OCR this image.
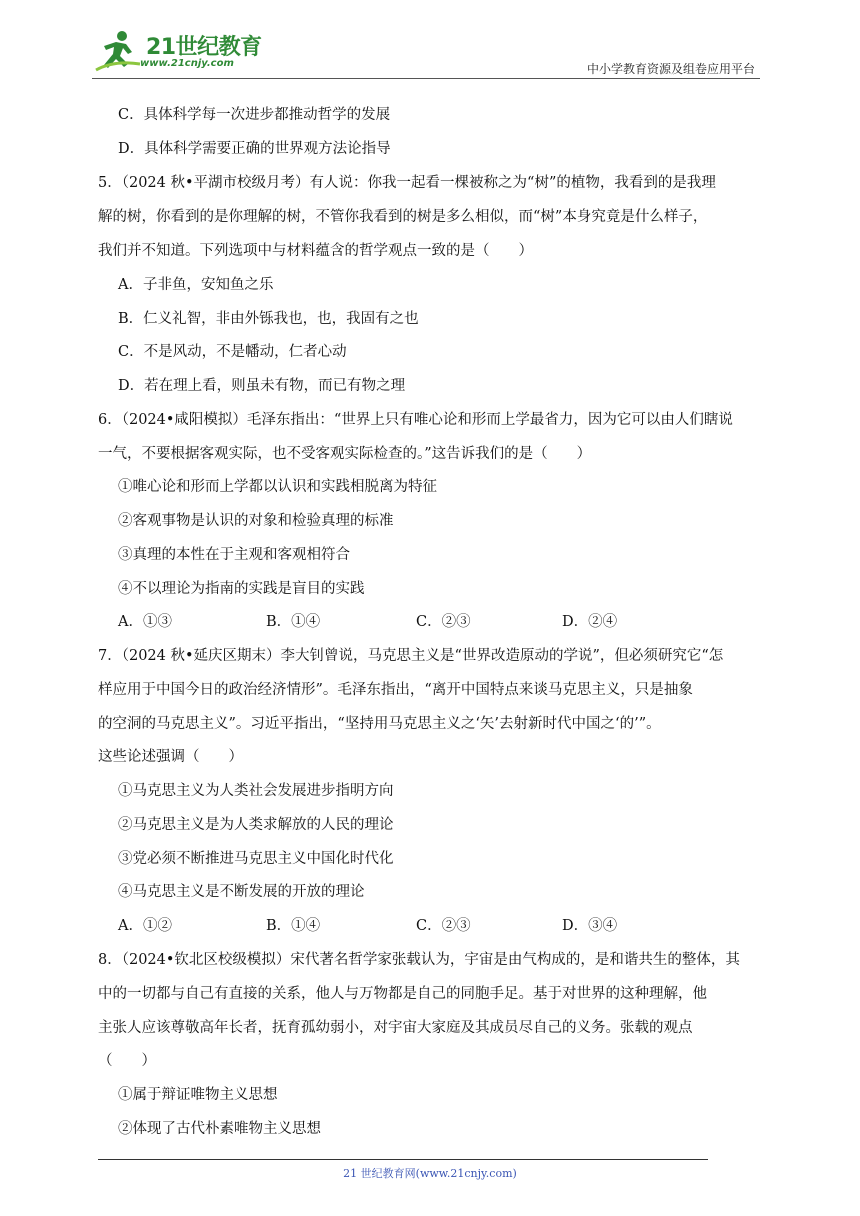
21世纪教育
www.21cnjy.com	中小学教育资源及组卷应用平台
C．具体科学每一次进步都推动哲学的发展
D．具体科学需要正确的世界观方法论指导
5．（2024 秋•平湖市校级月考）有人说：你我一起看一棵被称之为“树”的植物，我看到的是我理
解的树，你看到的是你理解的树，不管你我看到的树是多么相似，而“树”本身究竟是什么样子，
我们并不知道。下列选项中与材料蕴含的哲学观点一致的是（　　）
A．子非鱼，安知鱼之乐
B．仁义礼智，非由外铄我也，也，我固有之也
C．不是风动，不是幡动，仁者心动
D．若在理上看，则虽未有物，而已有物之理
6．（2024•咸阳模拟）毛泽东指出：“世界上只有唯心论和形而上学最省力，因为它可以由人们瞎说
一气，不要根据客观实际，也不受客观实际检查的。”这告诉我们的是（　　）
①唯心论和形而上学都以认识和实践相脱离为特征
②客观事物是认识的对象和检验真理的标准
③真理的本性在于主观和客观相符合
④不以理论为指南的实践是盲目的实践
A．①③	B．①④	C．②③	D．②④
7．（2024 秋•延庆区期末）李大钊曾说，马克思主义是“世界改造原动的学说”，但必须研究它“怎
样应用于中国今日的政治经济情形”。毛泽东指出，“离开中国特点来谈马克思主义，只是抽象
的空洞的马克思主义”。习近平指出，“坚持用马克思主义之‘矢’去射新时代中国之‘的’”。
这些论述强调（　　）
①马克思主义为人类社会发展进步指明方向
②马克思主义是为人类求解放的人民的理论
③党必须不断推进马克思主义中国化时代化
④马克思主义是不断发展的开放的理论
A．①②	B．①④	C．②③	D．③④
8．（2024•钦北区校级模拟）宋代著名哲学家张载认为，宇宙是由气构成的，是和谐共生的整体，其
中的一切都与自己有直接的关系，他人与万物都是自己的同胞手足。基于对世界的这种理解，他
主张人应该尊敬高年长者，抚育孤幼弱小，对宇宙大家庭及其成员尽自己的义务。张载的观点
（　　）
①属于辩证唯物主义思想
②体现了古代朴素唯物主义思想
21 世纪教育网(www.21cnjy.com)
